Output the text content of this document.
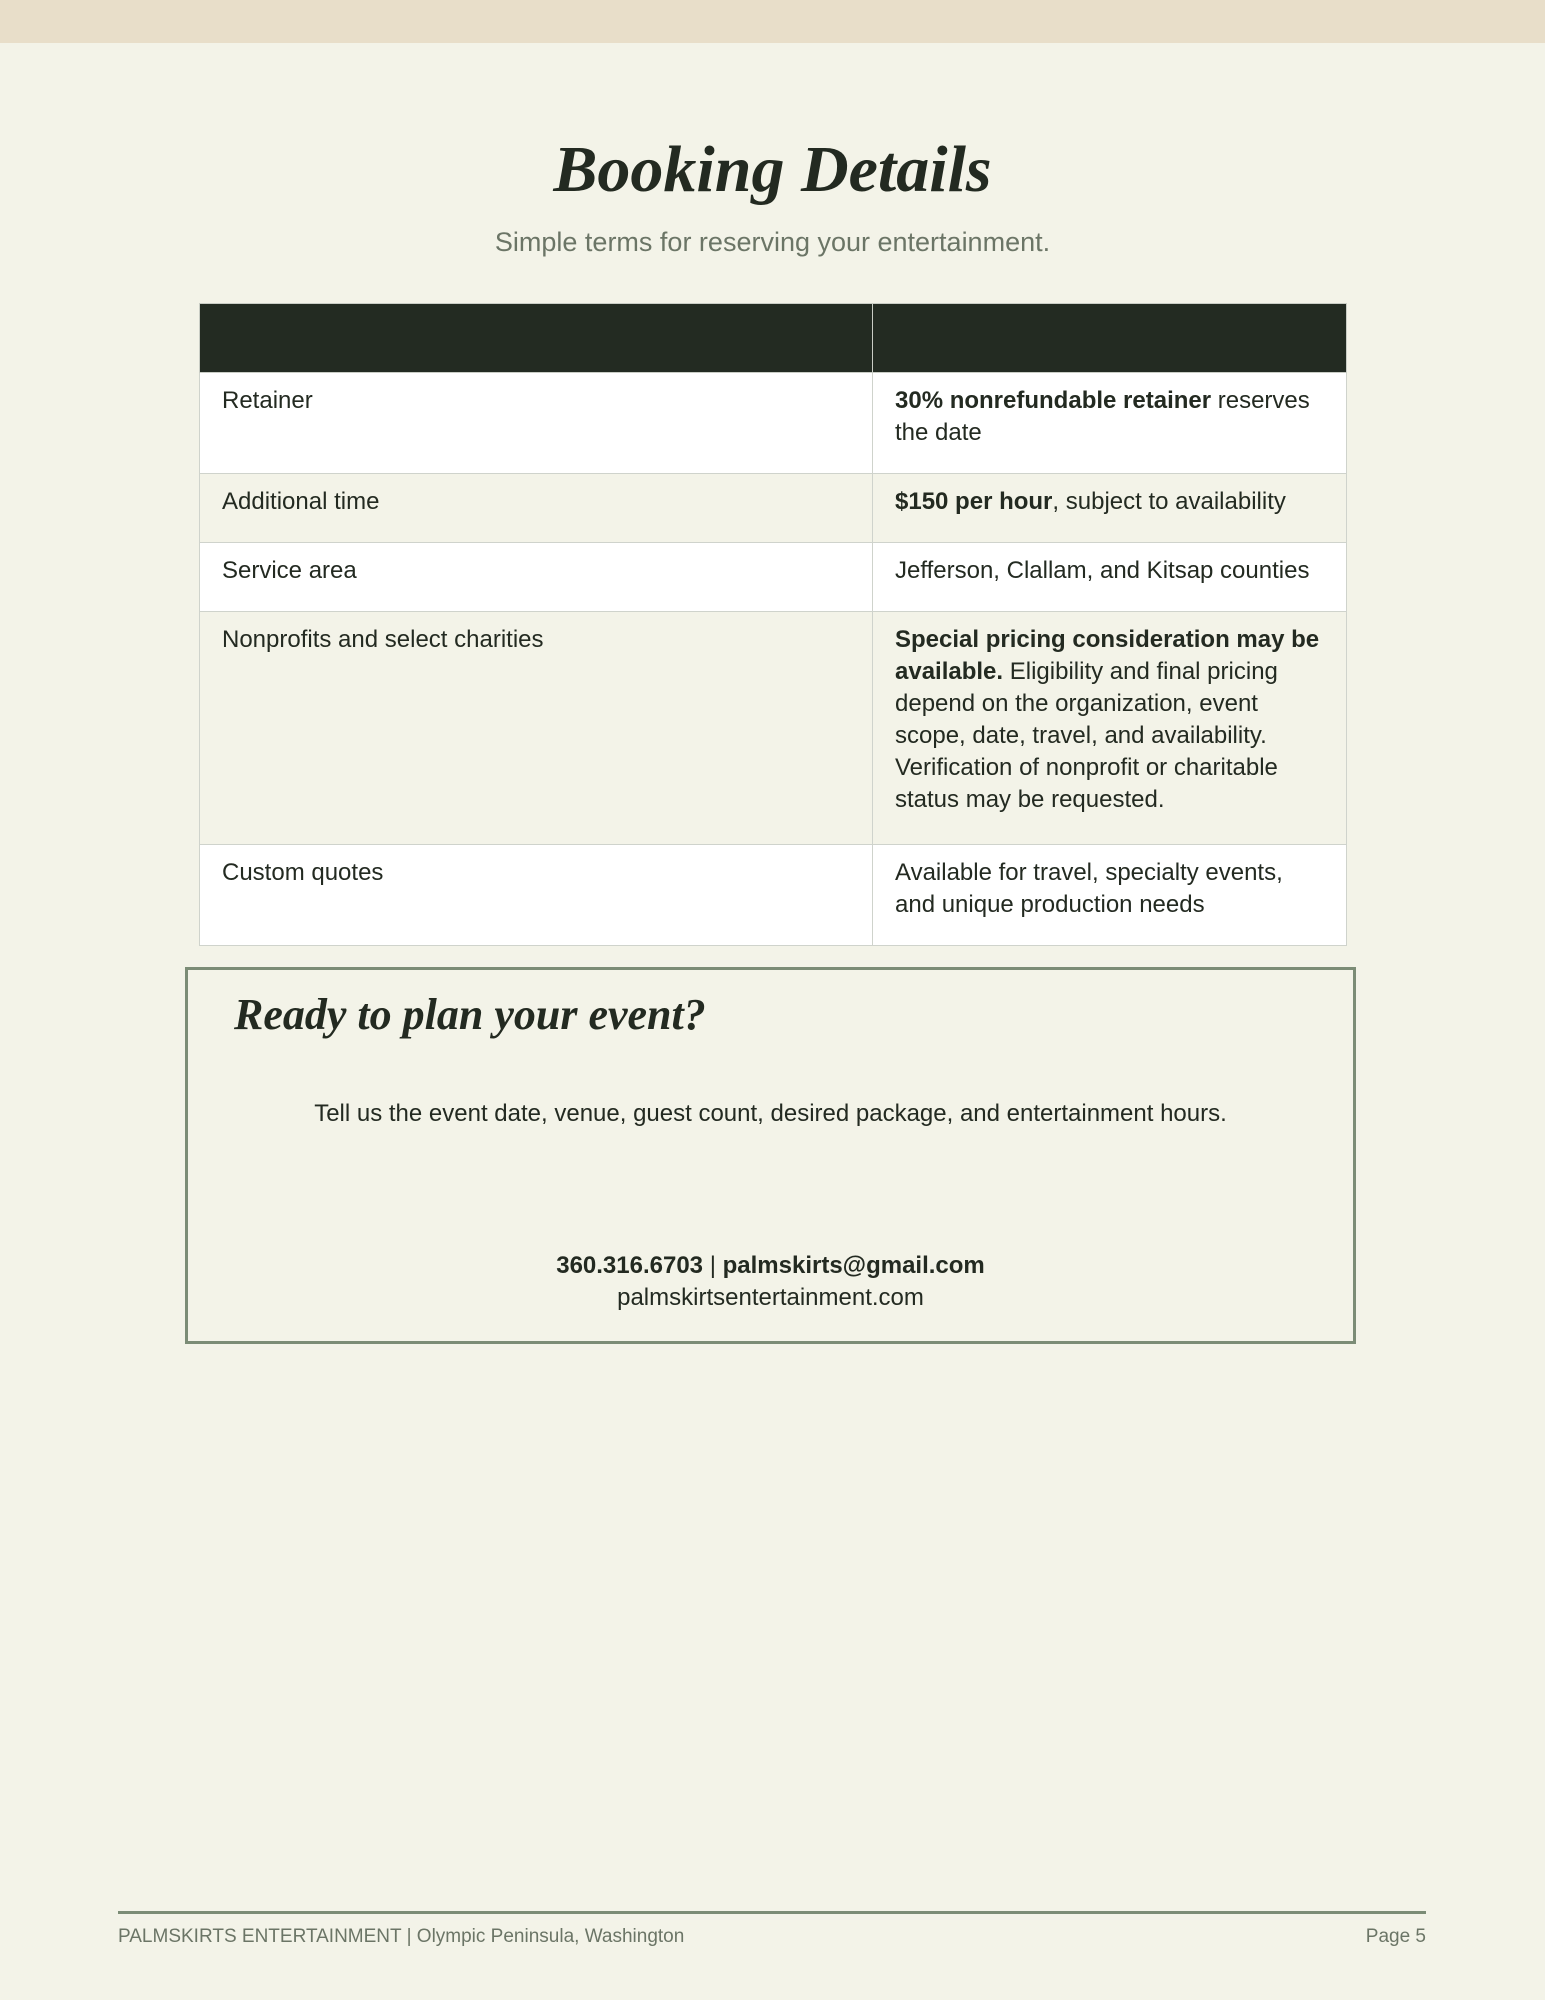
Booking Details

Simple terms for reserving your entertainment.

Retainer	30% nonrefundable retainer reserves the date
Additional time	$150 per hour, subject to availability
Service area	Jefferson, Clallam, and Kitsap counties
Nonprofits and select charities	Special pricing consideration may be available. Eligibility and final pricing depend on the organization, event scope, date, travel, and availability. Verification of nonprofit or charitable status may be requested.
Custom quotes	Available for travel, specialty events, and unique production needs
Ready to plan your event?

Tell us the event date, venue, guest count, desired package, and entertainment hours.

360.316.6703 | palmskirts@gmail.com
palmskirtsentertainment.com
PALMSKIRTS ENTERTAINMENT | Olympic Peninsula, Washington	Page 5
